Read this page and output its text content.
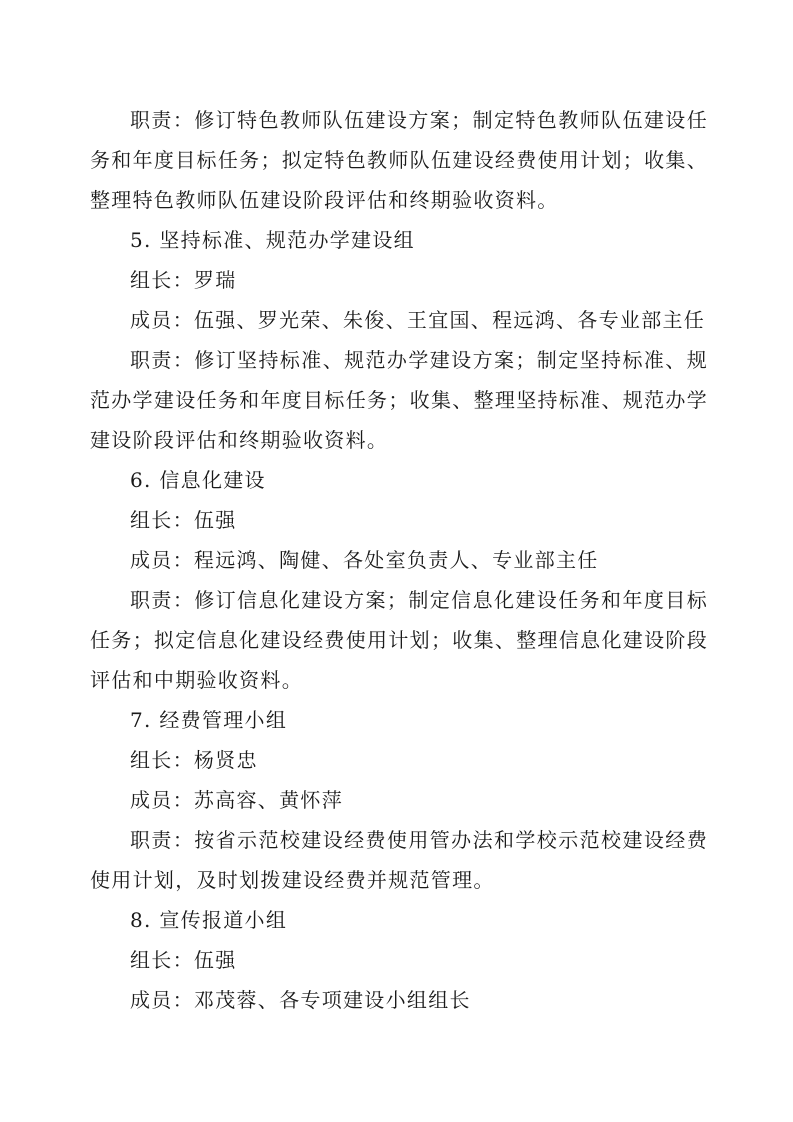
职责：修订特色教师队伍建设方案；制定特色教师队伍建设任
务和年度目标任务；拟定特色教师队伍建设经费使用计划；收集、
整理特色教师队伍建设阶段评估和终期验收资料。
5. 坚持标准、规范办学建设组
组长：罗瑞
成员：伍强、罗光荣、朱俊、王宜国、程远鸿、各专业部主任
职责：修订坚持标准、规范办学建设方案；制定坚持标准、规
范办学建设任务和年度目标任务；收集、整理坚持标准、规范办学
建设阶段评估和终期验收资料。
6. 信息化建设
组长：伍强
成员：程远鸿、陶健、各处室负责人、专业部主任
职责：修订信息化建设方案；制定信息化建设任务和年度目标
任务；拟定信息化建设经费使用计划；收集、整理信息化建设阶段
评估和中期验收资料。
7. 经费管理小组
组长：杨贤忠
成员：苏高容、黄怀萍
职责：按省示范校建设经费使用管办法和学校示范校建设经费
使用计划，及时划拨建设经费并规范管理。
8. 宣传报道小组
组长：伍强
成员：邓茂蓉、各专项建设小组组长
